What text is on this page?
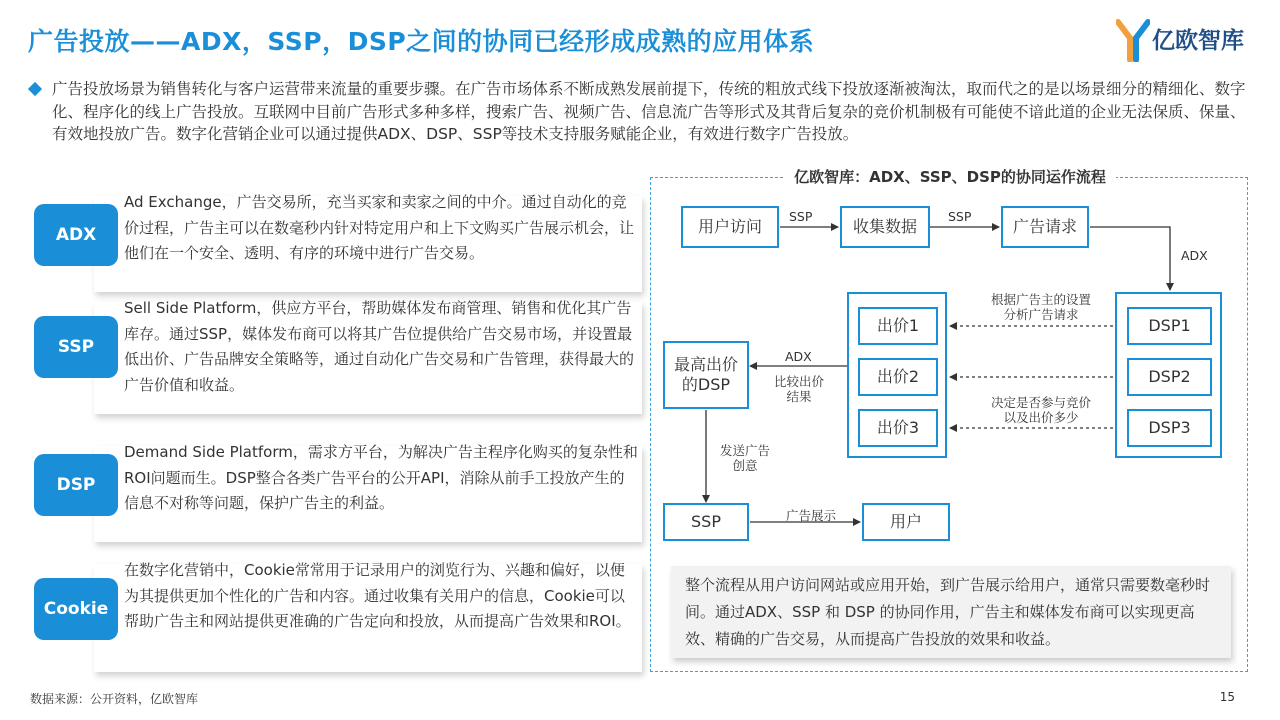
广告投放——ADX，SSP，DSP之间的协同已经形成成熟的应用体系	亿欧智库
广告投放场景为销售转化与客户运营带来流量的重要步骤。在广告市场体系不断成熟发展前提下，传统的粗放式线下投放逐渐被淘汰，取而代之的是以场景细分的精细化、数字化、程序化的线上广告投放。互联网中目前广告形式多种多样，搜索广告、视频广告、信息流广告等形式及其背后复杂的竞价机制极有可能使不谙此道的企业无法保质、保量、有效地投放广告。数字化营销企业可以通过提供ADX、DSP、SSP等技术支持服务赋能企业，有效进行数字广告投放。
ADX
Ad Exchange，广告交易所，充当买家和卖家之间的中介。通过自动化的竞价过程，广告主可以在数毫秒内针对特定用户和上下文购买广告展示机会，让他们在一个安全、透明、有序的环境中进行广告交易。
SSP
Sell Side Platform，供应方平台，帮助媒体发布商管理、销售和优化其广告库存。通过SSP，媒体发布商可以将其广告位提供给广告交易市场，并设置最低出价、广告品牌安全策略等，通过自动化广告交易和广告管理，获得最大的广告价值和收益。
DSP
Demand Side Platform，需求方平台，为解决广告主程序化购买的复杂性和ROI问题而生。DSP整合各类广告平台的公开API，消除从前手工投放产生的信息不对称等问题，保护广告主的利益。
Cookie
在数字化营销中，Cookie常常用于记录用户的浏览行为、兴趣和偏好，以便为其提供更加个性化的广告和内容。通过收集有关用户的信息，Cookie可以帮助广告主和网站提供更准确的广告定向和投放，从而提高广告效果和ROI。
亿欧智库：ADX、SSP、DSP的协同运作流程
用户访问	收集数据	广告请求
DSP1
DSP2
DSP3
出价1
出价2
出价3
最高出价的DSP
SSP	用户
SSP	SSP
ADX
根据广告主的设置分析广告请求
决定是否参与竞价以及出价多少
ADX
比较出价结果
发送广告创意
广告展示
整个流程从用户访问网站或应用开始，到广告展示给用户，通常只需要数毫秒时间。通过ADX、SSP 和 DSP 的协同作用，广告主和媒体发布商可以实现更高效、精确的广告交易，从而提高广告投放的效果和收益。
数据来源：公开资料，亿欧智库	15
